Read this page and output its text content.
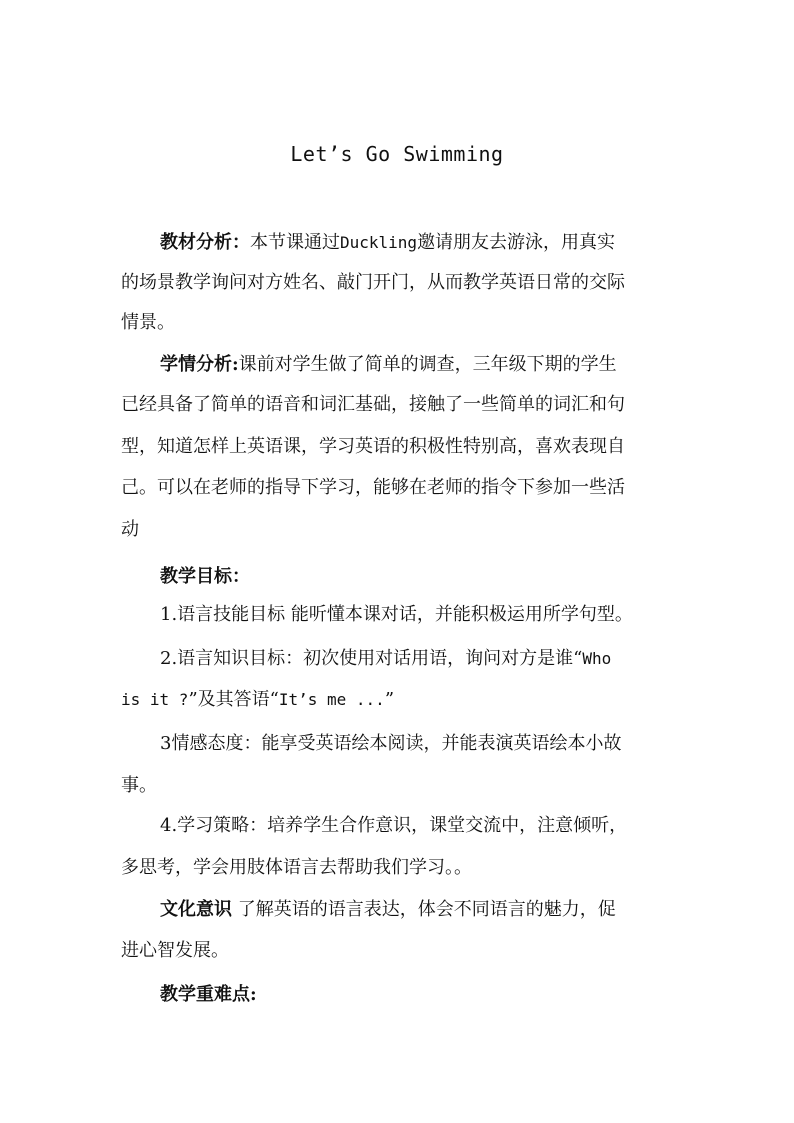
Let’s Go Swimming
教材分析：本节课通过Duckling邀请朋友去游泳，用真实
的场景教学询问对方姓名、敲门开门，从而教学英语日常的交际
情景。
学情分析:课前对学生做了简单的调查，三年级下期的学生
已经具备了简单的语音和词汇基础，接触了一些简单的词汇和句
型，知道怎样上英语课，学习英语的积极性特别高，喜欢表现自
己。可以在老师的指导下学习，能够在老师的指令下参加一些活
动
教学目标：
1.语言技能目标 能听懂本课对话，并能积极运用所学句型。
2.语言知识目标：初次使用对话用语，询问对方是谁“Who
is it ?”及其答语“It’s me ...”
3情感态度：能享受英语绘本阅读，并能表演英语绘本小故
事。
4.学习策略：培养学生合作意识，课堂交流中，注意倾听，
多思考，学会用肢体语言去帮助我们学习。。
文化意识 了解英语的语言表达，体会不同语言的魅力，促
进心智发展。
教学重难点:
